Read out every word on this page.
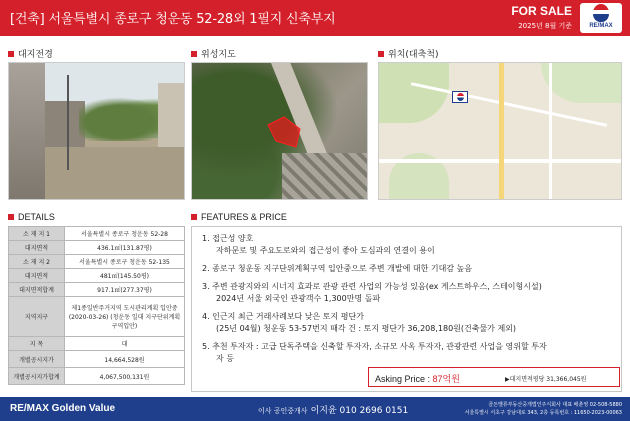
[건축] 서울특별시 종로구 청운동 52-28외 1필지 신축부지
FOR SALE
2025년 8월 기준	RE/MAX
대지전경	위성지도	위치(대축척)
DETAILS	FEATURES & PRICE
소 재 지 1	서울특별시 종로구 청운동 52-28
대지면적	436.1㎡(131.87평)
소 재 지 2	서울특별시 종로구 청운동 52-135
대지면적	481㎡(145.50평)
대지면적합계	917.1㎡(277.37평)
지역지구	제1종일반주거지역 도시관리계획 입안중(2020-03-26) (청운동 일대 지구단위계획구역입안)
지 목	대
개별공시지가	14,664,528원
개별공시지가합계	4,067,500,131원
1. 접근성 양호
자하문로 및 주요도로와의 접근성이 좋아 도심과의 연결이 용이
2. 종로구 청운동 지구단위계획구역 입안중으로 주변 개발에 대한 기대감 높음
3. 주변 관광지와의 시너지 효과로 관광 관련 사업의 가능성 있음(ex 게스트하우스, 스테이형시설)
2024년 서울 외국인 관광객수 1,300만명 돌파
4. 인근지 최근 거래사례보다 낮은 토지 평단가
(25년 04월) 청운동 53-57번지 때각 건 : 토지 평단가 36,208,180원(건축물가 제외)
5. 추천 투자자 : 고급 단독주택을 신축할 투자자, 소규모 사옥 투자자, 관광관련 사업을 영위할 투자
자 등
Asking Price : 87억원	▶대지면적평당 31,366,045원
RE/MAX Golden Value	이사 공인중개사 이지윤 010 2696 0151
골든밸류부동산중개법인주식회사 대표 배춘영 02-508-5880
서울특별시 서초구 강남대로 343, 2층 등록번호 : 11650-2023-00063
